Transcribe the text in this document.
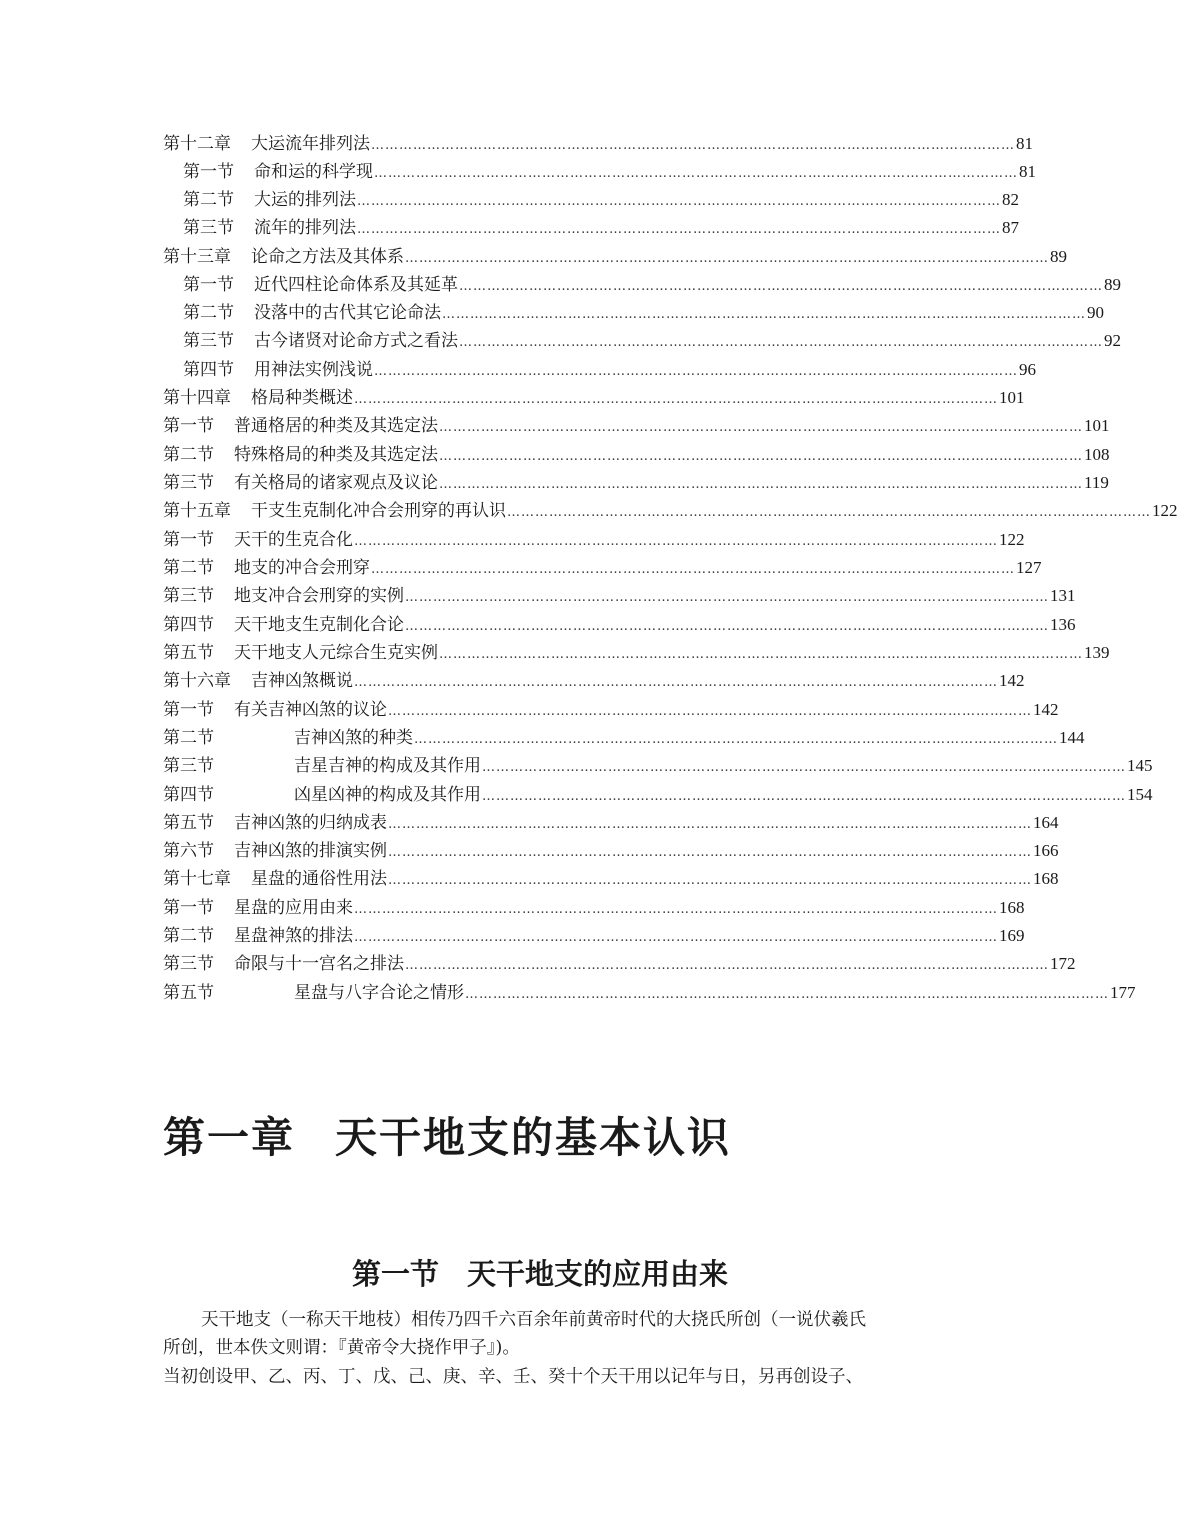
第十二章 大运流年排列法 ………………………………………………………………………………………………………………………… 81
第一节 命和运的科学现 ………………………………………………………………………………………………………………………… 81
第二节 大运的排列法 ………………………………………………………………………………………………………………………… 82
第三节 流年的排列法 ………………………………………………………………………………………………………………………… 87
第十三章 论命之方法及其体系 ………………………………………………………………………………………………………………………… 89
第一节 近代四柱论命体系及其延革 ………………………………………………………………………………………………………………………… 89
第二节 没落中的古代其它论命法 ………………………………………………………………………………………………………………………… 90
第三节 古今诸贤对论命方式之看法 ………………………………………………………………………………………………………………………… 92
第四节 用神法实例浅说 ………………………………………………………………………………………………………………………… 96
第十四章 格局种类概述 ………………………………………………………………………………………………………………………… 101
第一节 普通格居的种类及其选定法 ………………………………………………………………………………………………………………………… 101
第二节 特殊格局的种类及其选定法 ………………………………………………………………………………………………………………………… 108
第三节 有关格局的诸家观点及议论 ………………………………………………………………………………………………………………………… 119
第十五章 干支生克制化冲合会刑穿的再认识 ………………………………………………………………………………………………………………………… 122
第一节 天干的生克合化 ………………………………………………………………………………………………………………………… 122
第二节 地支的冲合会刑穿 ………………………………………………………………………………………………………………………… 127
第三节 地支冲合会刑穿的实例 ………………………………………………………………………………………………………………………… 131
第四节 天干地支生克制化合论 ………………………………………………………………………………………………………………………… 136
第五节 天干地支人元综合生克实例 ………………………………………………………………………………………………………………………… 139
第十六章 吉神凶煞概说 ………………………………………………………………………………………………………………………… 142
第一节 有关吉神凶煞的议论 ………………………………………………………………………………………………………………………… 142
第二节	吉神凶煞的种类 ………………………………………………………………………………………………………………………… 144
第三节	吉星吉神的构成及其作用 ………………………………………………………………………………………………………………………… 145
第四节	凶星凶神的构成及其作用 ………………………………………………………………………………………………………………………… 154
第五节 吉神凶煞的归纳成表 ………………………………………………………………………………………………………………………… 164
第六节 吉神凶煞的排演实例 ………………………………………………………………………………………………………………………… 166
第十七章 星盘的通俗性用法 ………………………………………………………………………………………………………………………… 168
第一节 星盘的应用由来 ………………………………………………………………………………………………………………………… 168
第二节 星盘神煞的排法 ………………………………………………………………………………………………………………………… 169
第三节 命限与十一宫名之排法 ………………………………………………………………………………………………………………………… 172
第五节	星盘与八字合论之情形 ………………………………………………………………………………………………………………………… 177
第一章 天干地支的基本认识
第一节 天干地支的应用由来
天干地支（一称天干地枝）相传乃四千六百余年前黄帝时代的大挠氏所创（一说伏羲氏
所创，世本佚文则谓：『黄帝令大挠作甲子』)。
当初创设甲、乙、丙、丁、戊、己、庚、辛、壬、癸十个天干用以记年与日，另再创设子、
